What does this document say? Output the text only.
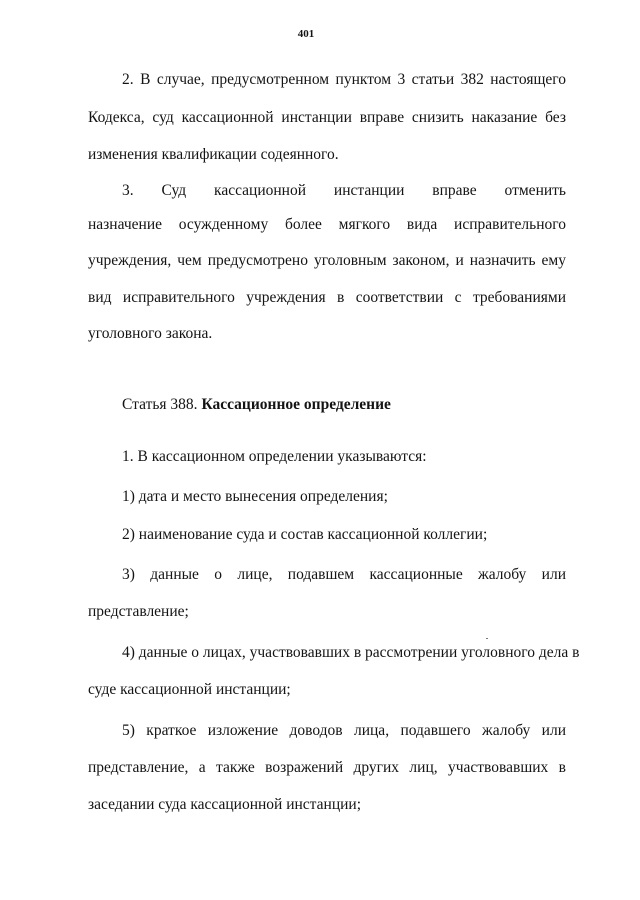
401
2. В случае, предусмотренном пунктом 3 статьи 382 настоящего
Кодекса, суд кассационной инстанции вправе снизить наказание без
изменения квалификации содеянного.
3. Суд кассационной инстанции вправе отменить
назначение осужденному более мягкого вида исправительного
учреждения, чем предусмотрено уголовным законом, и назначить ему
вид исправительного учреждения в соответствии с требованиями
уголовного закона.
Статья 388. Кассационное определение
1. В кассационном определении указываются:
1) дата и место вынесения определения;
2) наименование суда и состав кассационной коллегии;
3) данные о лице, подавшем кассационные жалобу или
представление;
4) данные о лицах, участвовавших в рассмотрении уголовного дела в
суде кассационной инстанции;
5) краткое изложение доводов лица, подавшего жалобу или
представление, а также возражений других лиц, участвовавших в
заседании суда кассационной инстанции;
